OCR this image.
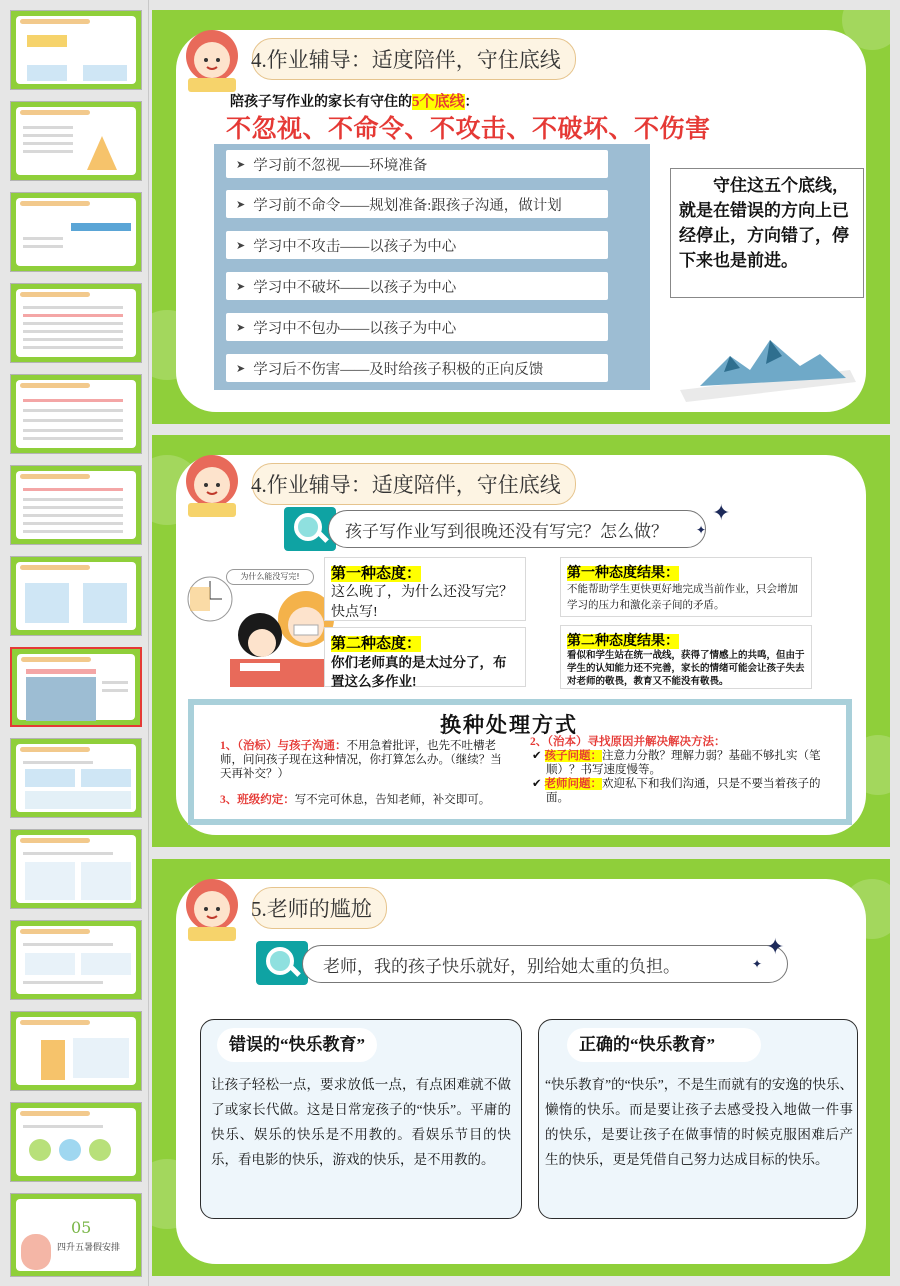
05
四升五暑假安排
4.作业辅导：适度陪伴，守住底线
陪孩子写作业的家长有守住的5个底线：
不忽视、不命令、不攻击、不破坏、不伤害
➤ 学习前不忽视——环境准备
➤ 学习前不命令——规划准备:跟孩子沟通，做计划
➤ 学习中不攻击——以孩子为中心
➤ 学习中不破坏——以孩子为中心
➤ 学习中不包办——以孩子为中心
➤ 学习后不伤害——及时给孩子积极的正向反馈
守住这五个底线，就是在错误的方向上已经停止，方向错了，停下来也是前进。
4.作业辅导：适度陪伴，守住底线
孩子写作业写到很晚还没有写完？怎么做？
✦
✦
为什么能没写完!	第一种态度：
这么晚了，为什么还没写完？快点写!
第一种态度结果：
不能帮助学生更快更好地完成当前作业，只会增加学习的压力和激化亲子间的矛盾。
第二种态度：
你们老师真的是太过分了，布置这么多作业!
第二种态度结果：
看似和学生站在统一战线，获得了情感上的共鸣，但由于学生的认知能力还不完善，家长的情绪可能会让孩子失去对老师的敬畏，教育又不能没有敬畏。
换种处理方式
1、（治标）与孩子沟通：不用急着批评，也先不吐槽老师，问问孩子现在这种情况，你打算怎么办。（继续？当天再补交？）
3、班级约定：写不完可休息，告知老师，补交即可。
2、（治本）寻找原因并解决解决方法：
✔ 孩子问题：注意力分散？理解力弱？基础不够扎实（笔顺）？书写速度慢等。
✔ 老师问题：欢迎私下和我们沟通，只是不要当着孩子的面。
5.老师的尴尬
老师，我的孩子快乐就好，别给她太重的负担。
✦
✦
错误的“快乐教育”
让孩子轻松一点，要求放低一点，有点困难就不做了或家长代做。这是日常宠孩子的“快乐”。平庸的快乐、娱乐的快乐是不用教的。看娱乐节目的快乐，看电影的快乐，游戏的快乐，是不用教的。
正确的“快乐教育”
“快乐教育”的“快乐”，不是生而就有的安逸的快乐、懒惰的快乐。而是要让孩子去感受投入地做一件事的快乐，是要让孩子在做事情的时候克服困难后产生的快乐，更是凭借自己努力达成目标的快乐。
